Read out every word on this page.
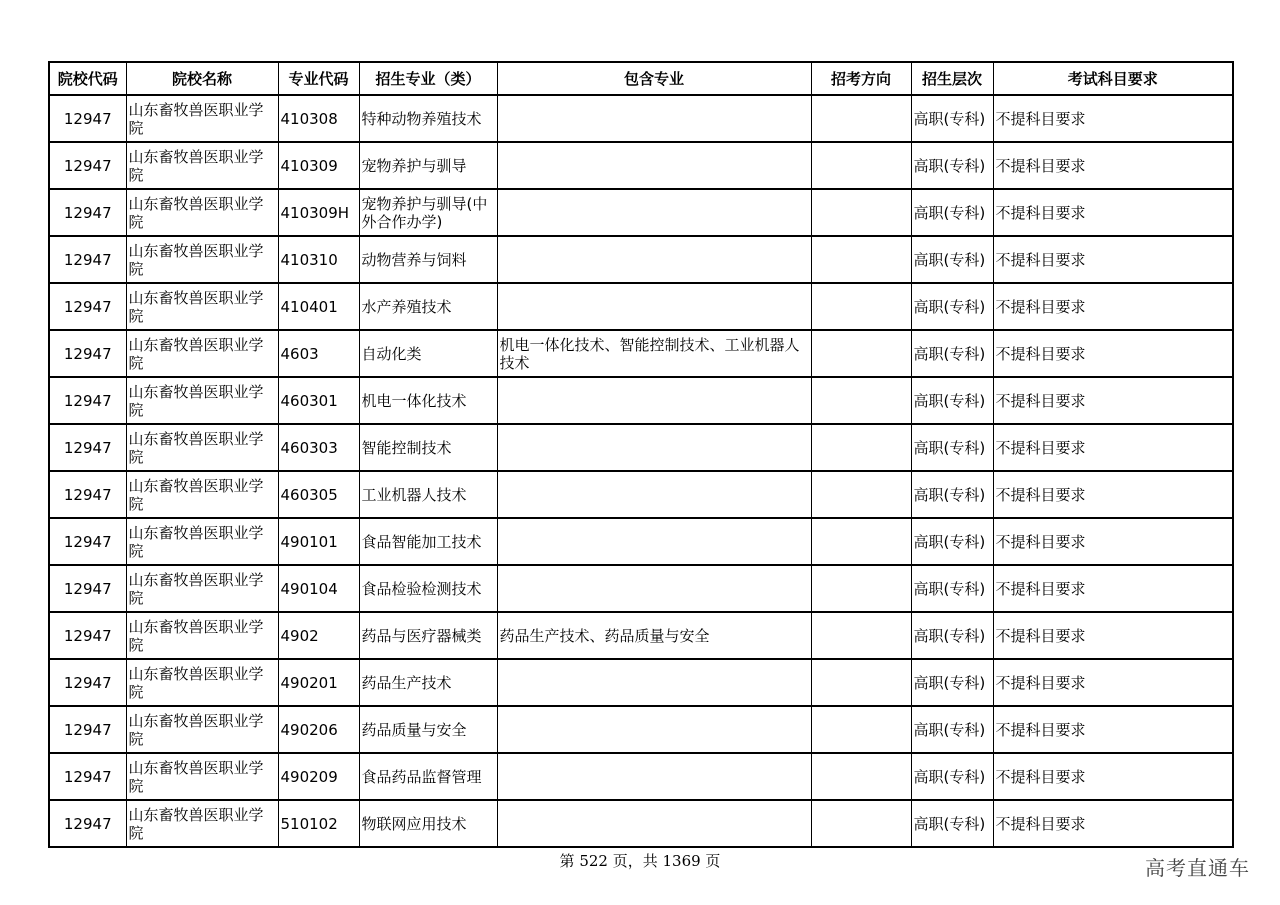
院校代码	院校名称	专业代码	招生专业（类）	包含专业	招考方向	招生层次	考试科目要求
12947	山东畜牧兽医职业学院	410308	特种动物养殖技术			高职(专科)	不提科目要求
12947	山东畜牧兽医职业学院	410309	宠物养护与驯导			高职(专科)	不提科目要求
12947	山东畜牧兽医职业学院	410309H	宠物养护与驯导(中外合作办学)			高职(专科)	不提科目要求
12947	山东畜牧兽医职业学院	410310	动物营养与饲料			高职(专科)	不提科目要求
12947	山东畜牧兽医职业学院	410401	水产养殖技术			高职(专科)	不提科目要求
12947	山东畜牧兽医职业学院	4603	自动化类	机电一体化技术、智能控制技术、工业机器人技术		高职(专科)	不提科目要求
12947	山东畜牧兽医职业学院	460301	机电一体化技术			高职(专科)	不提科目要求
12947	山东畜牧兽医职业学院	460303	智能控制技术			高职(专科)	不提科目要求
12947	山东畜牧兽医职业学院	460305	工业机器人技术			高职(专科)	不提科目要求
12947	山东畜牧兽医职业学院	490101	食品智能加工技术			高职(专科)	不提科目要求
12947	山东畜牧兽医职业学院	490104	食品检验检测技术			高职(专科)	不提科目要求
12947	山东畜牧兽医职业学院	4902	药品与医疗器械类	药品生产技术、药品质量与安全		高职(专科)	不提科目要求
12947	山东畜牧兽医职业学院	490201	药品生产技术			高职(专科)	不提科目要求
12947	山东畜牧兽医职业学院	490206	药品质量与安全			高职(专科)	不提科目要求
12947	山东畜牧兽医职业学院	490209	食品药品监督管理			高职(专科)	不提科目要求
12947	山东畜牧兽医职业学院	510102	物联网应用技术			高职(专科)	不提科目要求
第 522 页，共 1369 页	高考直通车
